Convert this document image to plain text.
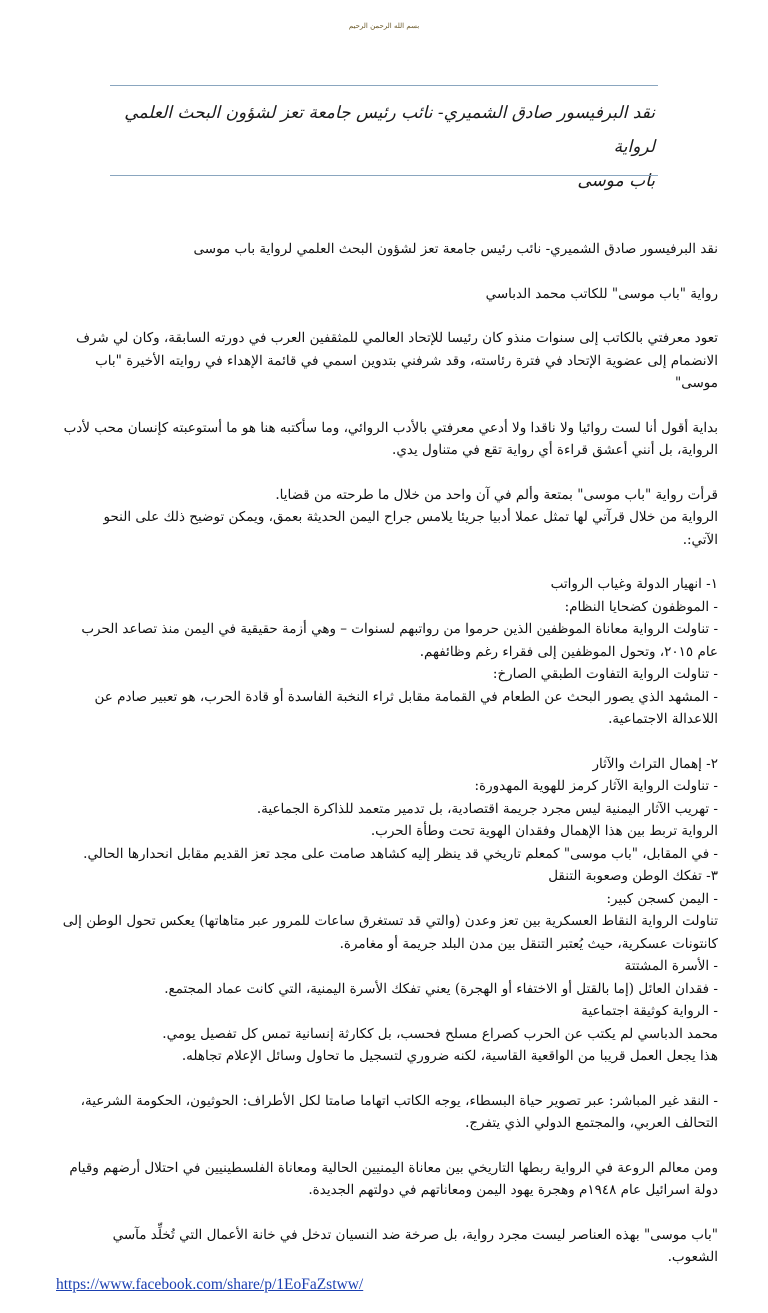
بسم الله الرحمن الرحيم
نقد البرفيسور صادق الشميري- نائب رئيس جامعة تعز لشؤون البحث العلمي لرواية
باب موسى

نقد البرفيسور صادق الشميري- نائب رئيس جامعة تعز لشؤون البحث العلمي لرواية باب موسى

رواية "باب موسى" للكاتب محمد الدباسي

تعود معرفتي بالكاتب إلى سنوات منذو كان رئيسا للإتحاد العالمي للمثقفين العرب في دورته السابقة، وكان لي شرف
الانضمام إلى عضوية الإتحاد في فترة رئاسته، وقد شرفني بتدوين اسمي في قائمة الإهداء في روايته الأخيرة "باب موسى"

بداية أقول أنا لست روائيا ولا ناقدا ولا أدعي معرفتي بالأدب الروائي، وما سأكتبه هنا هو ما أستوعبته كإنسان محب لأدب
الرواية، بل أنني أعشق قراءة أي رواية تقع في متناول يدي.

قرأت رواية "باب موسى" بمتعة وألم في آن واحد من خلال ما طرحته من قضايا.
الرواية من خلال قرآتي لها تمثل عملا أدبيا جريئا يلامس جراح اليمن الحديثة بعمق، ويمكن توضيح ذلك على النحو
الآتي:.

١- انهيار الدولة وغياب الرواتب
- الموظفون كضحايا النظام:
- تناولت الرواية معاناة الموظفين الذين حرموا من رواتبهم لسنوات – وهي أزمة حقيقية في اليمن منذ تصاعد الحرب
عام ٢٠١٥، وتحول الموظفين إلى فقراء رغم وظائفهم.
- تناولت الرواية التفاوت الطبقي الصارخ:
- المشهد الذي يصور البحث عن الطعام في القمامة مقابل ثراء النخبة الفاسدة أو قادة الحرب، هو تعبير صادم عن
اللاعدالة الاجتماعية.

٢- إهمال التراث والآثار
- تناولت الرواية الآثار كرمز للهوية المهدورة:
- تهريب الآثار اليمنية ليس مجرد جريمة اقتصادية، بل تدمير متعمد للذاكرة الجماعية.
الرواية تربط بين هذا الإهمال وفقدان الهوية تحت وطأة الحرب.
- في المقابل، "باب موسى" كمعلم تاريخي قد ينظر إليه كشاهد صامت على مجد تعز القديم مقابل انحدارها الحالي.
٣- تفكك الوطن وصعوبة التنقل
- اليمن كسجن كبير:
تناولت الرواية النقاط العسكرية بين تعز وعدن (والتي قد تستغرق ساعات للمرور عبر متاهاتها) يعكس تحول الوطن إلى
كانتونات عسكرية، حيث يُعتبر التنقل بين مدن البلد جريمة أو مغامرة.
- الأسرة المشتتة
- فقدان العائل (إما بالقتل أو الاختفاء أو الهجرة) يعني تفكك الأسرة اليمنية، التي كانت عماد المجتمع.
- الرواية كوثيقة اجتماعية
محمد الدباسي لم يكتب عن الحرب كصراع مسلح فحسب، بل ككارثة إنسانية تمس كل تفصيل يومي.
هذا يجعل العمل قريبا من الواقعية القاسية، لكنه ضروري لتسجيل ما تحاول وسائل الإعلام تجاهله.

- النقد غير المباشر: عبر تصوير حياة البسطاء، يوجه الكاتب اتهاما صامتا لكل الأطراف: الحوثيون، الحكومة الشرعية،
التحالف العربي، والمجتمع الدولي الذي يتفرج.

ومن معالم الروعة في الرواية ربطها التاريخي بين معاناة اليمنيين الحالية ومعاناة الفلسطينيين في احتلال أرضهم وقيام
دولة اسرائيل عام ١٩٤٨م وهجرة يهود اليمن ومعاناتهم في دولتهم الجديدة.

"باب موسى" بهذه العناصر ليست مجرد رواية، بل صرخة ضد النسيان تدخل في خانة الأعمال التي تُخلِّد مآسي الشعوب.

https://www.facebook.com/share/p/1EoFaZstww/
